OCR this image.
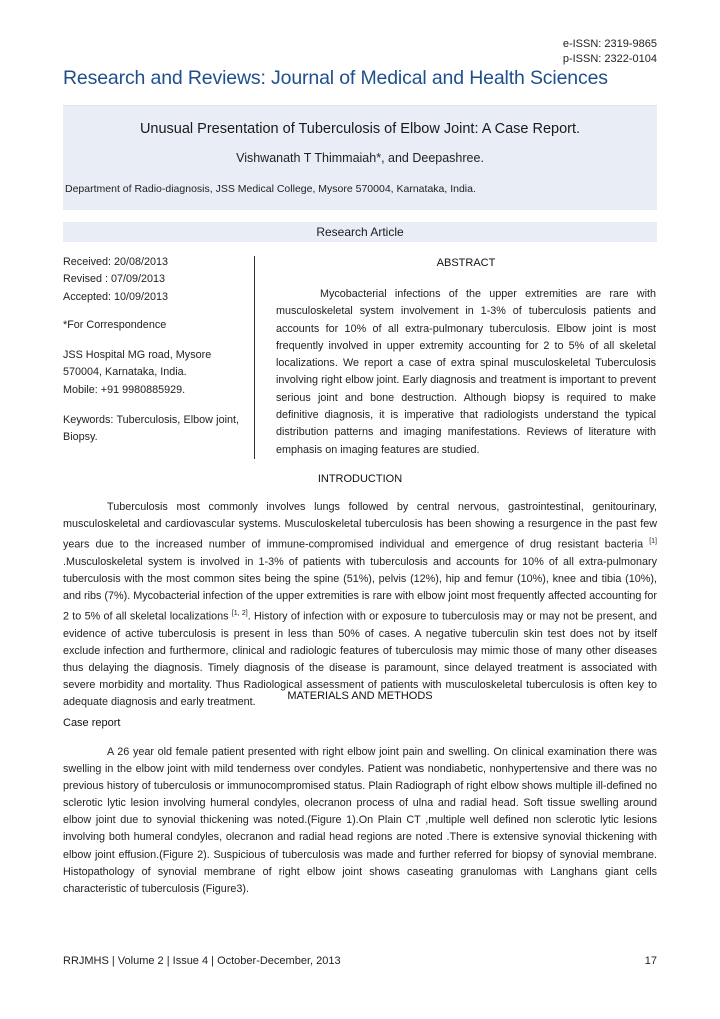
e-ISSN: 2319-9865
p-ISSN: 2322-0104
Research and Reviews: Journal of Medical and Health Sciences
Unusual Presentation of Tuberculosis of Elbow Joint: A Case Report.
Vishwanath T Thimmaiah*, and Deepashree.
Department of Radio-diagnosis, JSS Medical College, Mysore 570004, Karnataka, India.
Research Article

Received: 20/08/2013

Revised : 07/09/2013

Accepted: 10/09/2013

*For Correspondence

JSS Hospital MG road, Mysore

570004, Karnataka, India.

Mobile: +91 9980885929.

Keywords: Tuberculosis, Elbow joint, Biopsy.
ABSTRACT

Mycobacterial infections of the upper extremities are rare with musculoskeletal system involvement in 1-3% of tuberculosis patients and accounts for 10% of all extra-pulmonary tuberculosis. Elbow joint is most frequently involved in upper extremity accounting for 2 to 5% of all skeletal localizations. We report a case of extra spinal musculoskeletal Tuberculosis involving right elbow joint. Early diagnosis and treatment is important to prevent serious joint and bone destruction. Although biopsy is required to make definitive diagnosis, it is imperative that radiologists understand the typical distribution patterns and imaging manifestations. Reviews of literature with emphasis on imaging features are studied.

INTRODUCTION

Tuberculosis most commonly involves lungs followed by central nervous, gastrointestinal, genitourinary, musculoskeletal and cardiovascular systems. Musculoskeletal tuberculosis has been showing a resurgence in the past few years due to the increased number of immune-compromised individual and emergence of drug resistant bacteria [1] .Musculoskeletal system is involved in 1-3% of patients with tuberculosis and accounts for 10% of all extra-pulmonary tuberculosis with the most common sites being the spine (51%), pelvis (12%), hip and femur (10%), knee and tibia (10%), and ribs (7%). Mycobacterial infection of the upper extremities is rare with elbow joint most frequently affected accounting for 2 to 5% of all skeletal localizations [1, 2]. History of infection with or exposure to tuberculosis may or may not be present, and evidence of active tuberculosis is present in less than 50% of cases. A negative tuberculin skin test does not by itself exclude infection and furthermore, clinical and radiologic features of tuberculosis may mimic those of many other diseases thus delaying the diagnosis. Timely diagnosis of the disease is paramount, since delayed treatment is associated with severe morbidity and mortality. Thus Radiological assessment of patients with musculoskeletal tuberculosis is often key to adequate diagnosis and early treatment.

MATERIALS AND METHODS
Case report

A 26 year old female patient presented with right elbow joint pain and swelling. On clinical examination there was swelling in the elbow joint with mild tenderness over condyles. Patient was nondiabetic, nonhypertensive and there was no previous history of tuberculosis or immunocompromised status. Plain Radiograph of right elbow shows multiple ill-defined no sclerotic lytic lesion involving humeral condyles, olecranon process of ulna and radial head. Soft tissue swelling around elbow joint due to synovial thickening was noted.(Figure 1).On Plain CT ,multiple well defined non sclerotic lytic lesions involving both humeral condyles, olecranon and radial head regions are noted .There is extensive synovial thickening with elbow joint effusion.(Figure 2). Suspicious of tuberculosis was made and further referred for biopsy of synovial membrane. Histopathology of synovial membrane of right elbow joint shows caseating granulomas with Langhans giant cells characteristic of tuberculosis (Figure3).

RRJMHS | Volume 2 | Issue 4 | October-December, 2013	17
